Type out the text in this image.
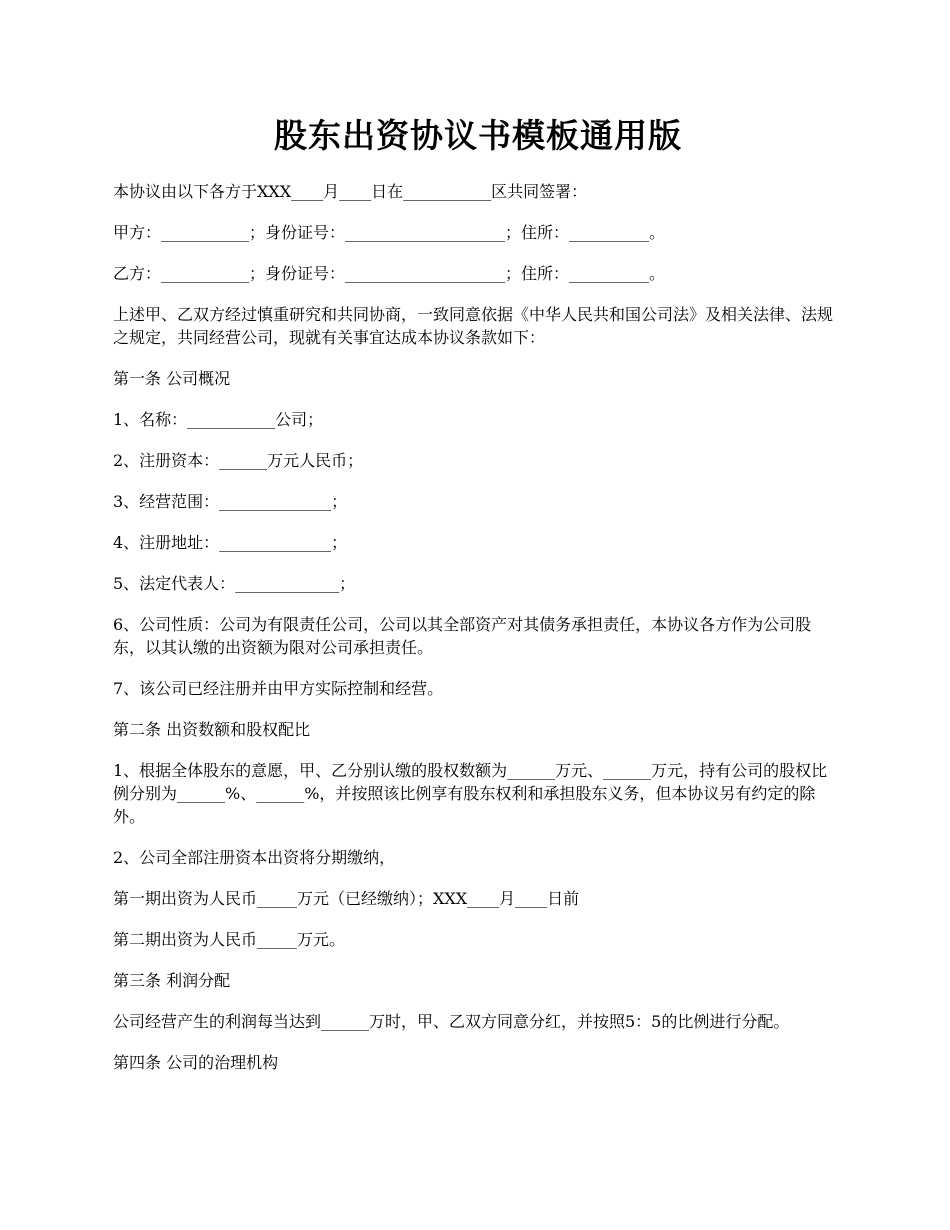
股东出资协议书模板通用版

本协议由以下各方于XXX____月____日在___________区共同签署：

甲方：___________；身份证号：____________________；住所：__________。

乙方：___________；身份证号：____________________；住所：__________。

上述甲、乙双方经过慎重研究和共同协商，一致同意依据《中华人民共和国公司法》及相关法律、法规之规定，共同经营公司，现就有关事宜达成本协议条款如下：

第一条 公司概况

1、名称：___________公司；

2、注册资本：______万元人民币；

3、经营范围：______________；

4、注册地址：______________；

5、法定代表人：_____________；

6、公司性质：公司为有限责任公司，公司以其全部资产对其债务承担责任，本协议各方作为公司股东，以其认缴的出资额为限对公司承担责任。

7、该公司已经注册并由甲方实际控制和经营。

第二条 出资数额和股权配比

1、根据全体股东的意愿，甲、乙分别认缴的股权数额为______万元、______万元，持有公司的股权比例分别为______%、______%，并按照该比例享有股东权利和承担股东义务，但本协议另有约定的除外。

2、公司全部注册资本出资将分期缴纳，

第一期出资为人民币_____万元（已经缴纳）；XXX____月____日前

第二期出资为人民币_____万元。

第三条 利润分配

公司经营产生的利润每当达到______万时，甲、乙双方同意分红，并按照5：5的比例进行分配。

第四条 公司的治理机构
